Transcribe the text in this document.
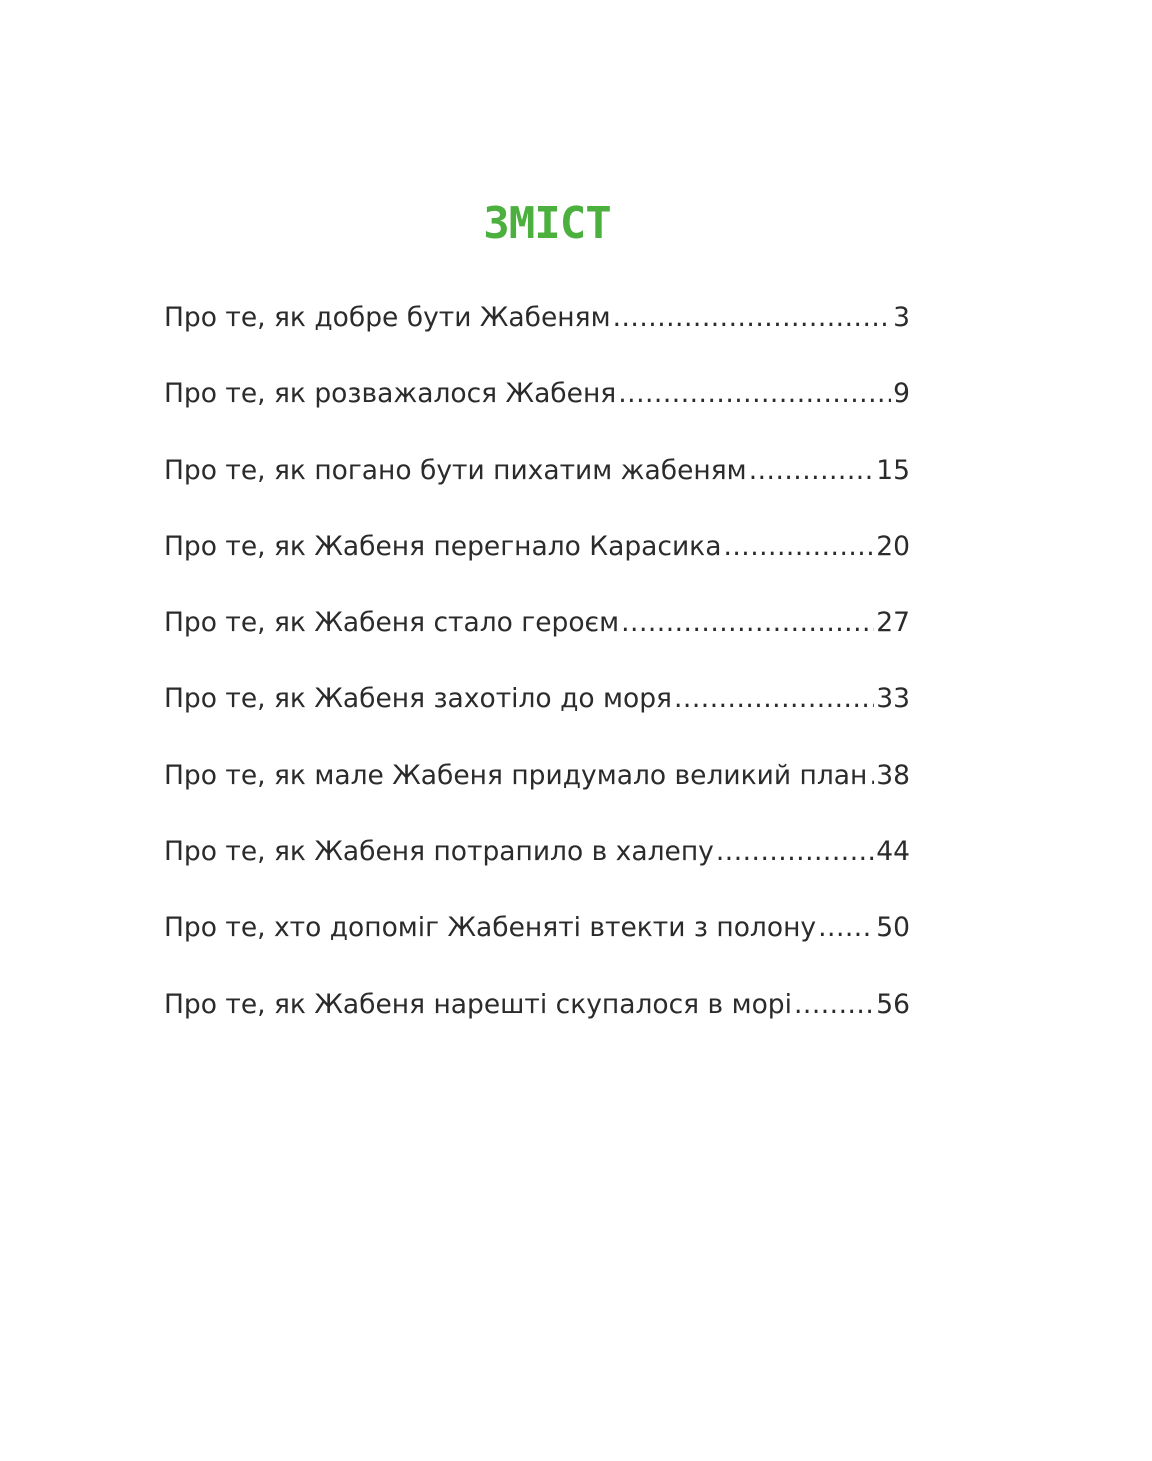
ЗМІСТ
Про те, як добре бути Жабеням .....	3
Про те, як розважалося Жабеня .....	9
Про те, як погано бути пихатим жабеням .....	15
Про те, як Жабеня перегнало Карасика .....	20
Про те, як Жабеня стало героєм .....	27
Про те, як Жабеня захотіло до моря .....	33
Про те, як мале Жабеня придумало великий план ..... 38
Про те, як Жабеня потрапило в халепу .....	44
Про те, хто допоміг Жабеняті втекти з полону ..... 50
Про те, як Жабеня нарешті скупалося в морі .....	56
